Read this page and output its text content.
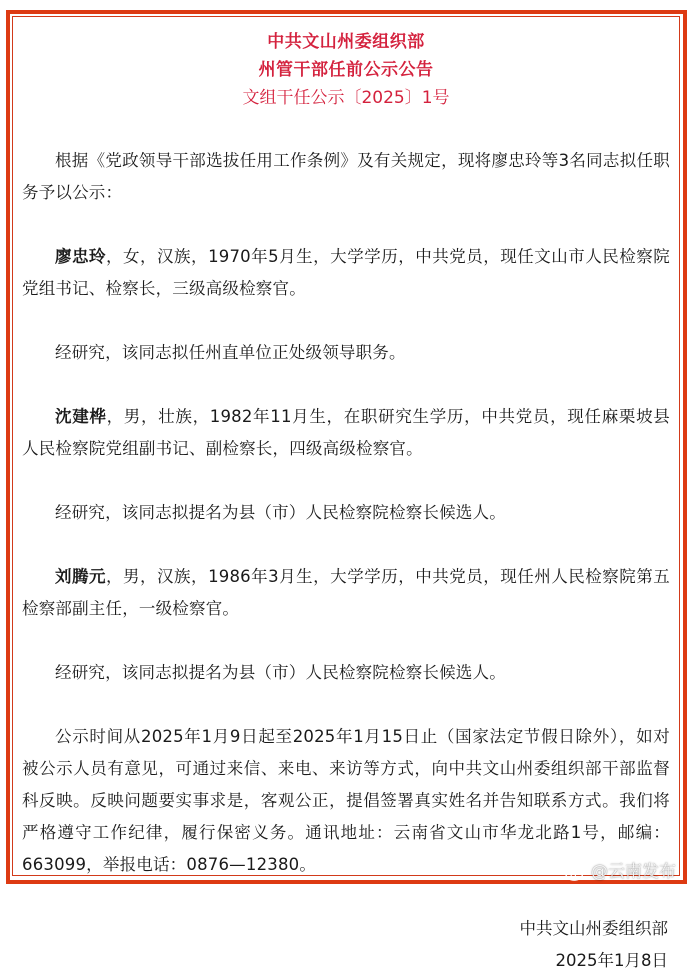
中共文山州委组织部
州管干部任前公示公告
文组干任公示〔2025〕1号

根据《党政领导干部选拔任用工作条例》及有关规定，现将廖忠玲等3名同志拟任职务予以公示：

廖忠玲，女，汉族，1970年5月生，大学学历，中共党员，现任文山市人民检察院党组书记、检察长，三级高级检察官。

经研究，该同志拟任州直单位正处级领导职务。

沈建桦，男，壮族，1982年11月生，在职研究生学历，中共党员，现任麻栗坡县人民检察院党组副书记、副检察长，四级高级检察官。

经研究，该同志拟提名为县（市）人民检察院检察长候选人。

刘腾元，男，汉族，1986年3月生，大学学历，中共党员，现任州人民检察院第五检察部副主任，一级检察官。

经研究，该同志拟提名为县（市）人民检察院检察长候选人。

公示时间从2025年1月9日起至2025年1月15日止（国家法定节假日除外），如对被公示人员有意见，可通过来信、来电、来访等方式，向中共文山州委组织部干部监督科反映。反映问题要实事求是，客观公正，提倡签署真实姓名并告知联系方式。我们将严格遵守工作纪律，履行保密义务。通讯地址：云南省文山市华龙北路1号，邮编：663099，举报电话：0876—12380。

中共文山州委组织部
2025年1月8日
@云南发布
